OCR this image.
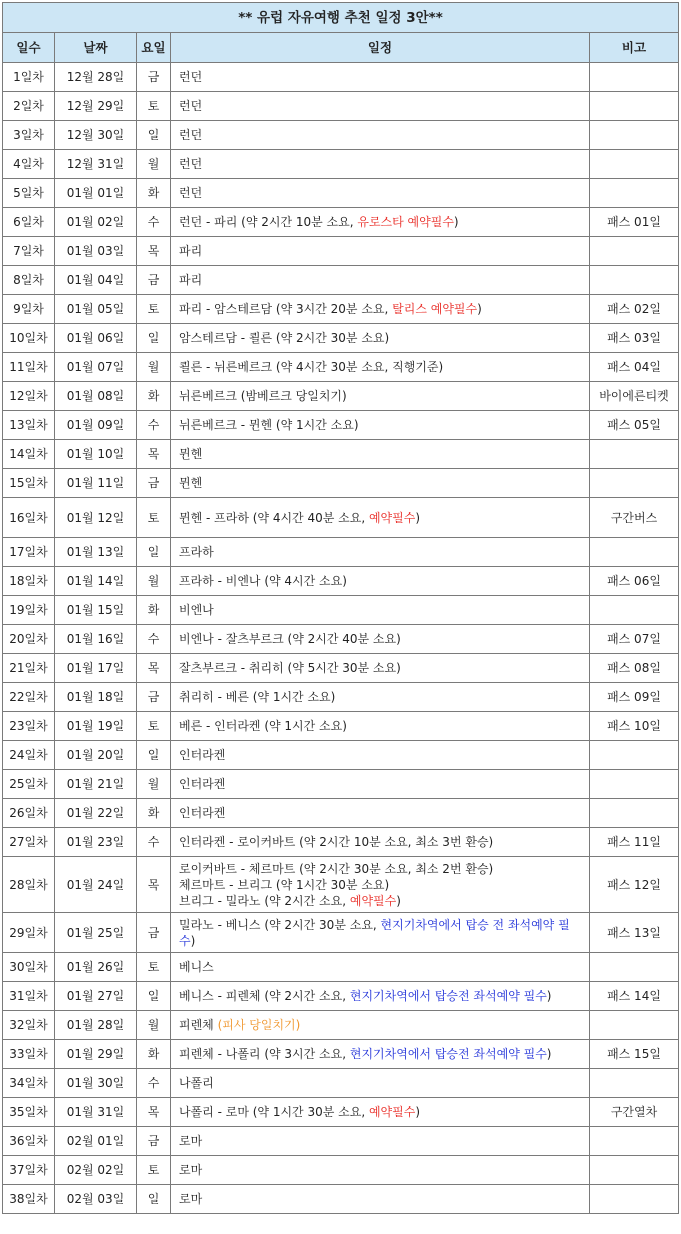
** 유럽 자유여행 추천 일정 3안**				
일수	날짜	요일	일정	비고
1일차	12월 28일	금	런던	

2일차	12월 29일	토	런던	

3일차	12월 30일	일	런던	

4일차	12월 31일	월	런던	

5일차	01월 01일	화	런던	

6일차	01월 02일	수	런던 - 파리 (약 2시간 10분 소요, 유로스타 예약필수)	패스 01일
7일차	01월 03일	목	파리	

8일차	01월 04일	금	파리	

9일차	01월 05일	토	파리 - 암스테르담 (약 3시간 20분 소요, 탈리스 예약필수)	패스 02일
10일차	01월 06일	일	암스테르담 - 쾰른 (약 2시간 30분 소요)	패스 03일
11일차	01월 07일	월	쾰른 - 뉘른베르크 (약 4시간 30분 소요, 직행기준)	패스 04일
12일차	01월 08일	화	뉘른베르크 (밤베르크 당일치기)	바이에른티켓
13일차	01월 09일	수	뉘른베르크 - 뮌헨 (약 1시간 소요)	패스 05일
14일차	01월 10일	목	뮌헨	

15일차	01월 11일	금	뮌헨	

16일차	01월 12일	토	뮌헨 - 프라하 (약 4시간 40분 소요, 예약필수)	구간버스
17일차	01월 13일	일	프라하	

18일차	01월 14일	월	프라하 - 비엔나 (약 4시간 소요)	패스 06일
19일차	01월 15일	화	비엔나	

20일차	01월 16일	수	비엔나 - 잘츠부르크 (약 2시간 40분 소요)	패스 07일
21일차	01월 17일	목	잘츠부르크 - 취리히 (약 5시간 30분 소요)	패스 08일
22일차	01월 18일	금	취리히 - 베른 (약 1시간 소요)	패스 09일
23일차	01월 19일	토	베른 - 인터라켄 (약 1시간 소요)	패스 10일
24일차	01월 20일	일	인터라켄	

25일차	01월 21일	월	인터라켄	

26일차	01월 22일	화	인터라켄	

27일차	01월 23일	수	인터라켄 - 로이커바트 (약 2시간 10분 소요, 최소 3번 환승)	패스 11일
28일차	01월 24일	목	로이커바트 - 체르마트 (약 2시간 30분 소요, 최소 2번 환승)
체르마트 - 브리그 (약 1시간 30분 소요)
브리그 - 밀라노 (약 2시간 소요, 예약필수)	패스 12일
29일차	01월 25일	금	밀라노 - 베니스 (약 2시간 30분 소요, 현지기차역에서 탑승 전 좌석예약 필수)	패스 13일
30일차	01월 26일	토	베니스	

31일차	01월 27일	일	베니스 - 피렌체 (약 2시간 소요, 현지기차역에서 탑승전 좌석예약 필수)	패스 14일
32일차	01월 28일	월	피렌체 (피사 당일치기)	

33일차	01월 29일	화	피렌체 - 나폴리 (약 3시간 소요, 현지기차역에서 탑승전 좌석예약 필수)	패스 15일
34일차	01월 30일	수	나폴리	

35일차	01월 31일	목	나폴리 - 로마 (약 1시간 30분 소요, 예약필수)	구간열차
36일차	02월 01일	금	로마	

37일차	02월 02일	토	로마	

38일차	02월 03일	일	로마	
